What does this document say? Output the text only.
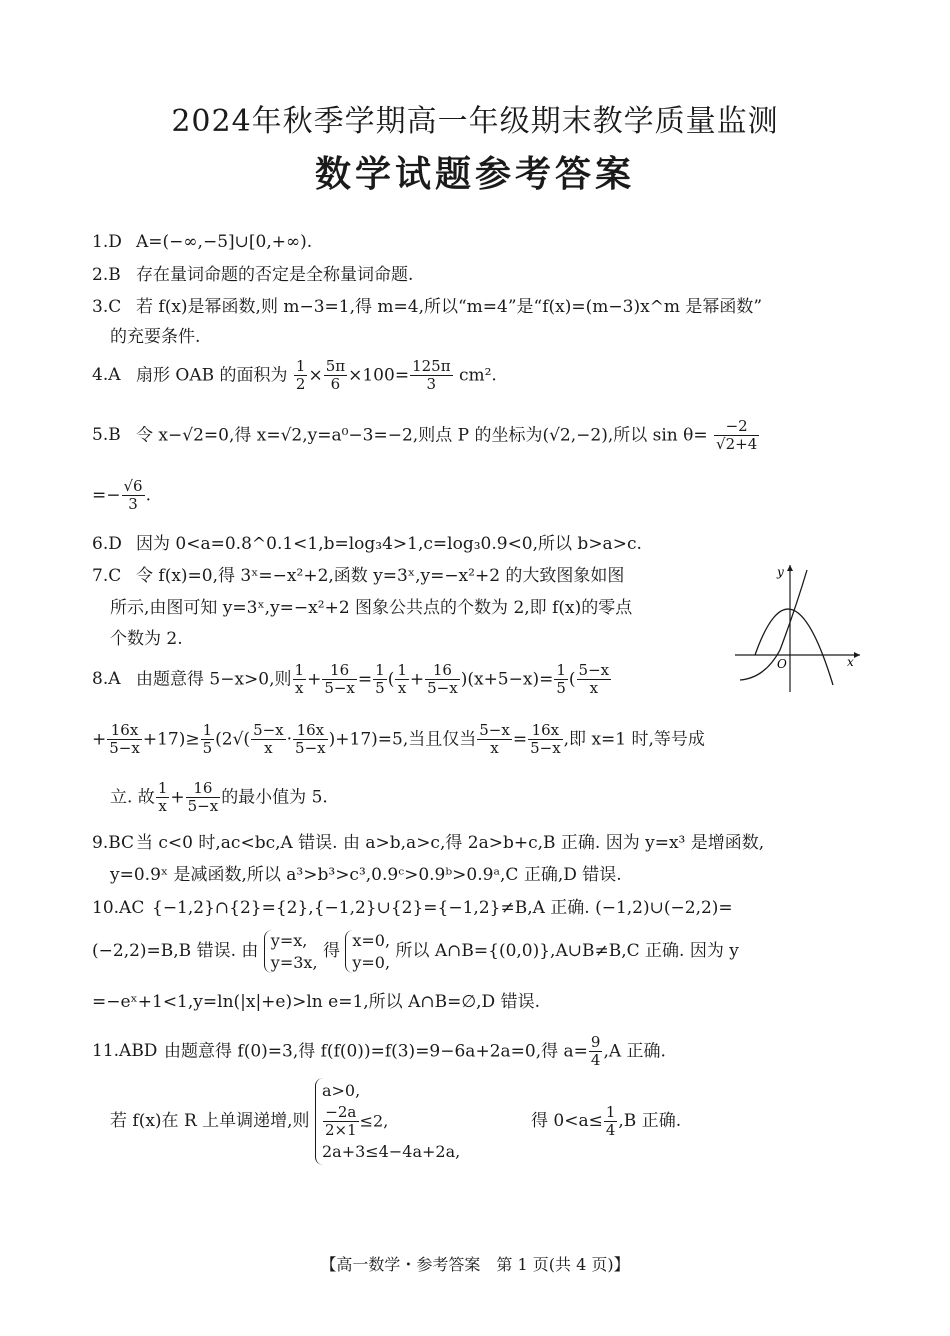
2024年秋季学期高一年级期末教学质量监测
数学试题参考答案
1.D A=(−∞,−5]∪[0,+∞).
2.B 存在量词命题的否定是全称量词命题.
3.C 若 f(x)是幂函数,则 m−3=1,得 m=4,所以“m=4”是“f(x)=(m−3)x^m 是幂函数”
的充要条件.
4.A 扇形 OAB 的面积为 $\frac{1}{2} \times \frac{5\pi}{6} \times 100= \frac{125\pi}{3} cm^2$.
5.B 令 x−√2=0,得 x=√2,y=a⁰−3=−2,则点 P 的坐标为(√2,−2),所以 $\sin \theta= \frac{-2}{√2+4}$
=− $\frac{√6}{3}$ .
6.D 因为 0<a=0.8^0.1<1,b=log₃4>1,c=log₃0.9<0,所以 b>a>c.
7.C 令 f(x)=0,得 3ˣ=−x²+2,函数 y=3ˣ,y=−x²+2 的大致图象如图
所示,由图可知 y=3ˣ,y=−x²+2 图象公共点的个数为 2,即 f(x)的零点
个数为 2.
x
y
O
8.A 由题意得 5−x>0,则 $\frac{1}{x} + \frac{16}{5-x} = \frac{1}{5}$ ( $\frac{1}{x} + \frac{16}{5-x} )(x+5-x)= \frac{1}{5}$ ( $\frac{5-x}{x}$
+ $\frac{16x}{5-x} +17)\ge \frac{1}{5} (2√( \frac{5-x}{x} \cdot \frac{16x}{5-x} )+17)=5$,当且仅当 $\frac{5-x}{x} = \frac{16x}{5-x}$ ,即 x=1 时,等号成
立. 故 $\frac{1}{x} + \frac{16}{5-x}$ 的最小值为 5.
9.BC 当 c<0 时,ac<bc,A 错误. 由 a>b,a>c,得 2a>b+c,B 正确. 因为 y=x³ 是增函数,
y=0.9ˣ 是减函数,所以 a³>b³>c³,0.9ᶜ>0.9ᵇ>0.9ᵃ,C 正确,D 错误.
10.AC {−1,2}∩{2}={2},{−1,2}∪{2}={−1,2}≠B,A 正确. (−1,2)∪(−2,2)=
(−2,2)=B,B 错误. 由 y=x,
y=3x, 得 x=0,
y=0, 所以 A∩B={(0,0)},A∪B≠B,C 正确. 因为 y
=−eˣ+1<1,y=ln(|x|+e)>ln e=1,所以 A∩B=∅,D 错误.
11.ABD 由题意得 f(0)=3,得 f(f(0))=f(3)=9−6a+2a=0,得 $a= \frac{9}{4} ,A$ 正确.
若 f(x)在 R 上单调递增,则 a>0,

$\frac{-2a}{2\times 1} \le 2$,
2a+3≤4−4a+2a,  得 $0<a\le \frac{1}{4} ,B$ 正确.
【高一数学・参考答案　第 1 页(共 4 页)】
